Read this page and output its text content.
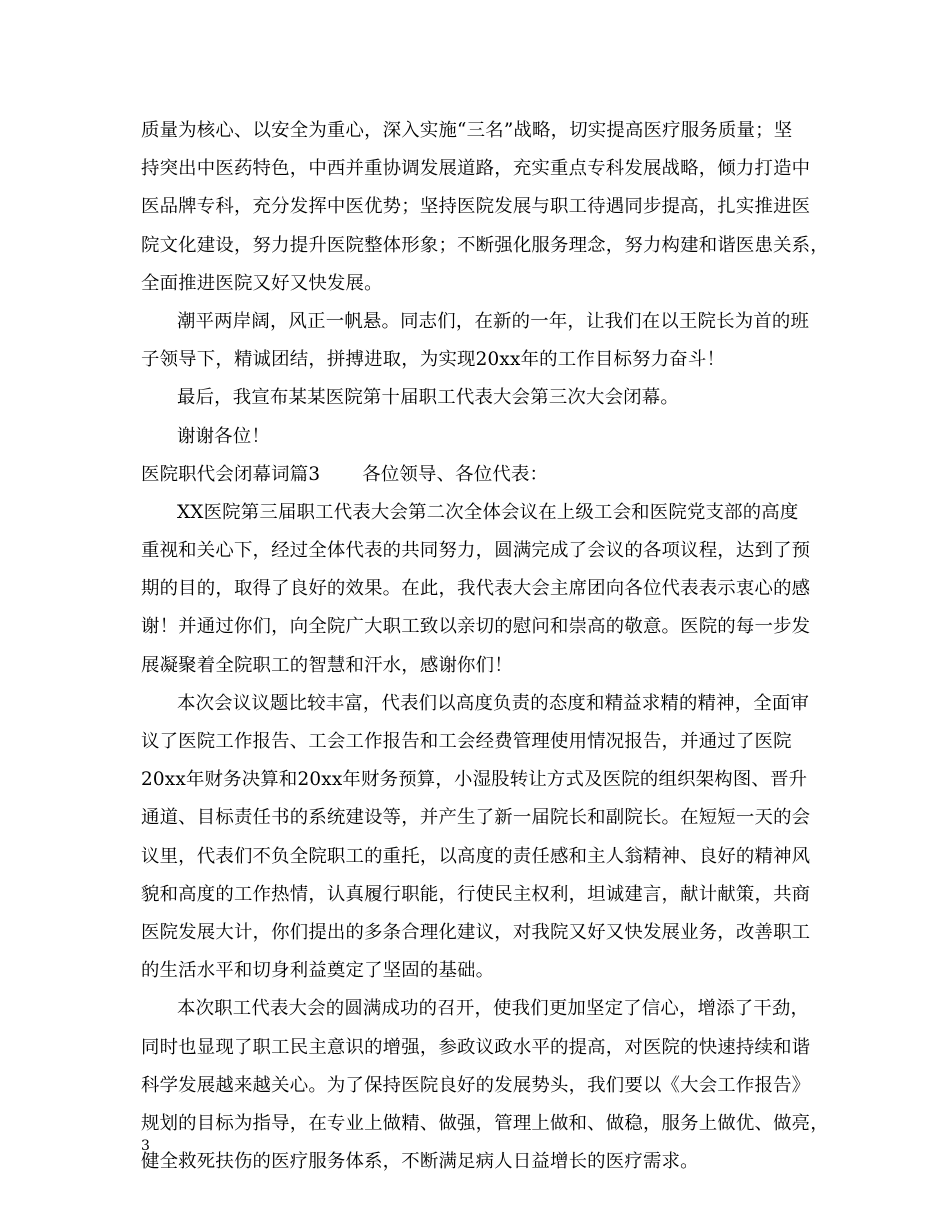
质量为核心、以安全为重心，深入实施“三名”战略，切实提高医疗服务质量；坚
持突出中医药特色，中西并重协调发展道路，充实重点专科发展战略，倾力打造中
医品牌专科，充分发挥中医优势；坚持医院发展与职工待遇同步提高，扎实推进医
院文化建设，努力提升医院整体形象；不断强化服务理念，努力构建和谐医患关系，
全面推进医院又好又快发展。
潮平两岸阔，风正一帆悬。同志们，在新的一年，让我们在以王院长为首的班
子领导下，精诚团结，拼搏进取，为实现20xx年的工作目标努力奋斗！
最后，我宣布某某医院第十届职工代表大会第三次大会闭幕。
谢谢各位！
医院职代会闭幕词篇3 各位领导、各位代表：
XX医院第三届职工代表大会第二次全体会议在上级工会和医院党支部的高度
重视和关心下，经过全体代表的共同努力，圆满完成了会议的各项议程，达到了预
期的目的，取得了良好的效果。在此，我代表大会主席团向各位代表表示衷心的感
谢！并通过你们，向全院广大职工致以亲切的慰问和崇高的敬意。医院的每一步发
展凝聚着全院职工的智慧和汗水，感谢你们！
本次会议议题比较丰富，代表们以高度负责的态度和精益求精的精神，全面审
议了医院工作报告、工会工作报告和工会经费管理使用情况报告，并通过了医院
20xx年财务决算和20xx年财务预算，小湿股转让方式及医院的组织架构图、晋升
通道、目标责任书的系统建设等，并产生了新一届院长和副院长。在短短一天的会
议里，代表们不负全院职工的重托，以高度的责任感和主人翁精神、良好的精神风
貌和高度的工作热情，认真履行职能，行使民主权利，坦诚建言，献计献策，共商
医院发展大计，你们提出的多条合理化建议，对我院又好又快发展业务，改善职工
的生活水平和切身利益奠定了坚固的基础。
本次职工代表大会的圆满成功的召开，使我们更加坚定了信心，增添了干劲，
同时也显现了职工民主意识的增强，参政议政水平的提高，对医院的快速持续和谐
科学发展越来越关心。为了保持医院良好的发展势头，我们要以《大会工作报告》
规划的目标为指导，在专业上做精、做强，管理上做和、做稳，服务上做优、做亮，
健全救死扶伤的医疗服务体系，不断满足病人日益增长的医疗需求。
3
